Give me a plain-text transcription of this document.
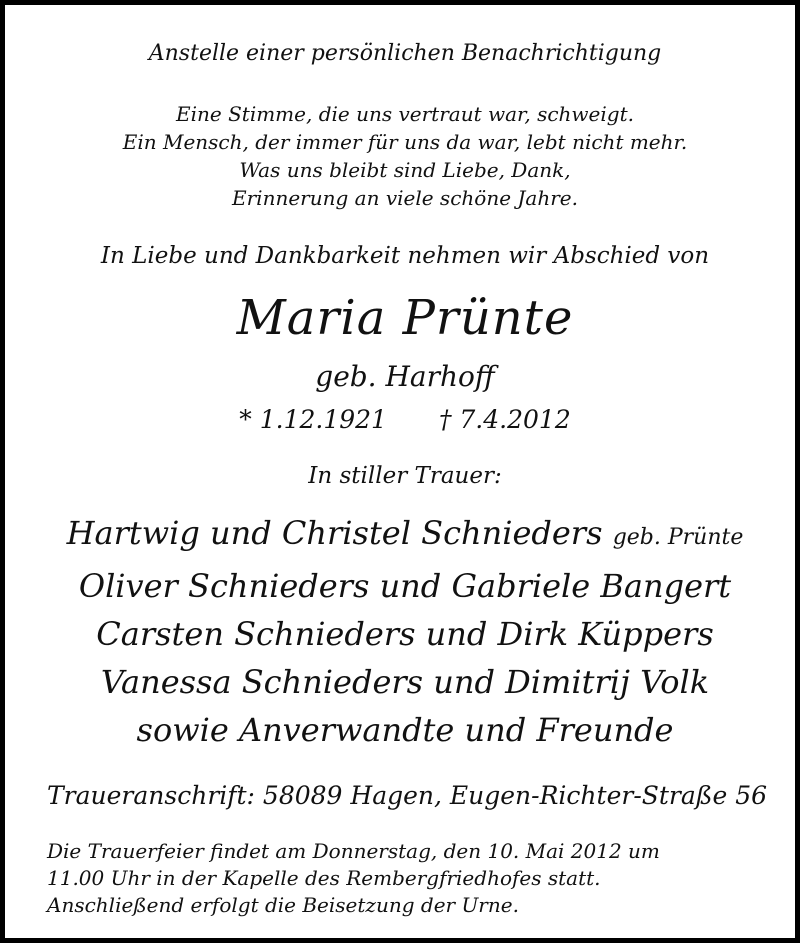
Anstelle einer persönlichen Benachrichtigung
Eine Stimme, die uns vertraut war, schweigt.
Ein Mensch, der immer für uns da war, lebt nicht mehr.
Was uns bleibt sind Liebe, Dank,
Erinnerung an viele schöne Jahre.
In Liebe und Dankbarkeit nehmen wir Abschied von
Maria Prünte
geb. Harhoff
* 1.12.1921 † 7.4.2012
In stiller Trauer:
Hartwig und Christel Schnieders geb. Prünte
Oliver Schnieders und Gabriele Bangert
Carsten Schnieders und Dirk Küppers
Vanessa Schnieders und Dimitrij Volk
sowie Anverwandte und Freunde
Traueranschrift: 58089 Hagen, Eugen-Richter-Straße 56
Die Trauerfeier findet am Donnerstag, den 10. Mai 2012 um
11.00 Uhr in der Kapelle des Rembergfriedhofes statt.
Anschließend erfolgt die Beisetzung der Urne.
